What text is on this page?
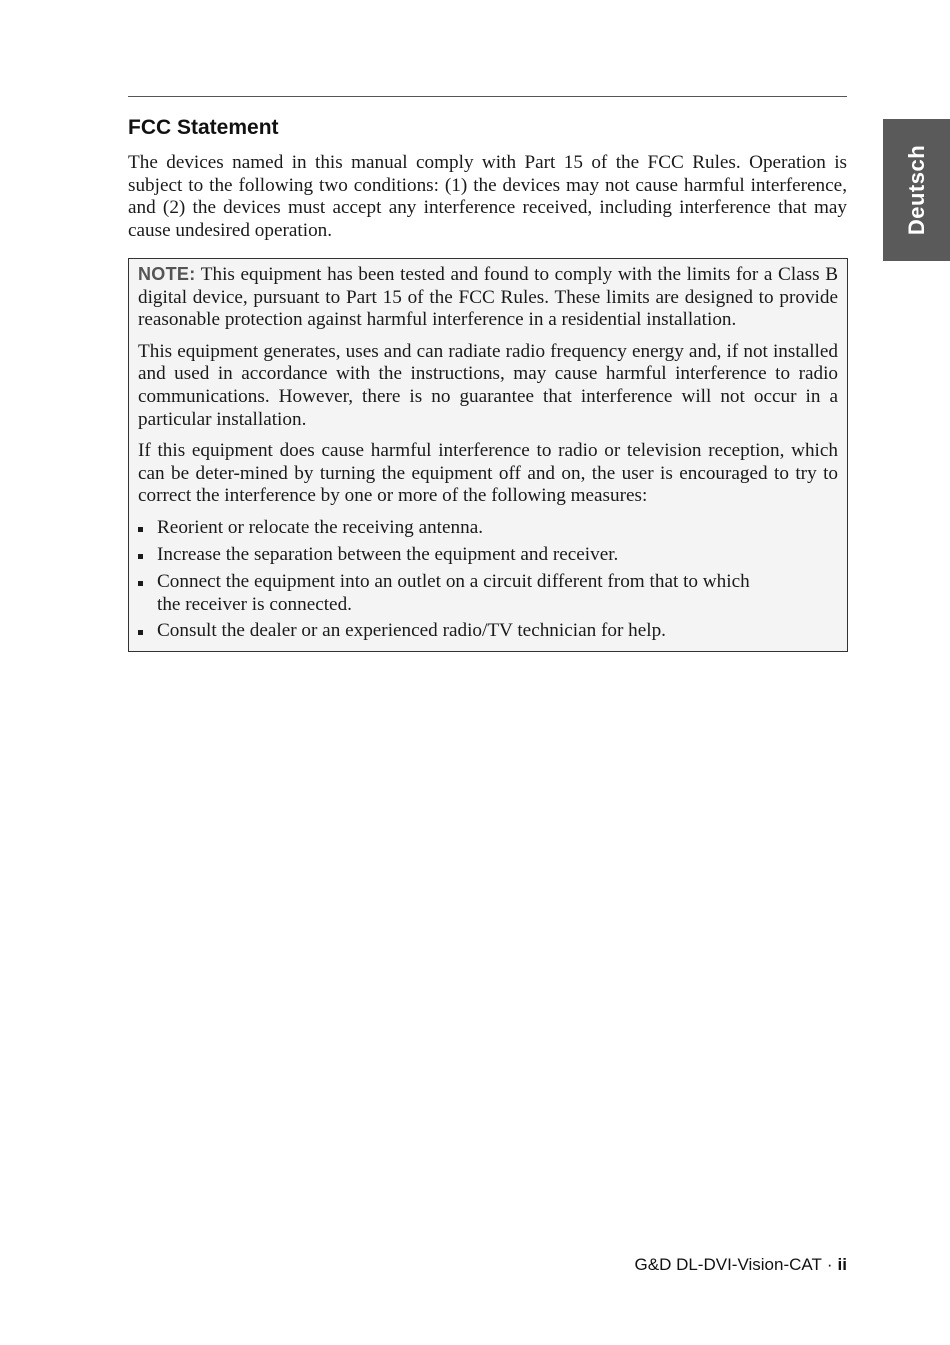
Deutsch
FCC Statement

The devices named in this manual comply with Part 15 of the FCC Rules. Operation is subject to the following two conditions: (1) the devices may not cause harmful interference, and (2) the devices must accept any interference received, including interference that may cause undesired operation.

NOTE: This equipment has been tested and found to comply with the limits for a Class B digital device, pursuant to Part 15 of the FCC Rules. These limits are designed to provide reasonable protection against harmful interference in a residential installation.

This equipment generates, uses and can radiate radio frequency energy and, if not installed and used in accordance with the instructions, may cause harmful interference to radio communications. However, there is no guarantee that interference will not occur in a particular installation.

If this equipment does cause harmful interference to radio or television reception, which can be deter-mined by turning the equipment off and on, the user is encouraged to try to correct the interference by one or more of the following measures:

Reorient or relocate the receiving antenna.
Increase the separation between the equipment and receiver.
Connect the equipment into an outlet on a circuit different from that to which the receiver is connected.
Consult the dealer or an experienced radio/TV technician for help.
G&D DL-DVI-Vision-CAT · ii
